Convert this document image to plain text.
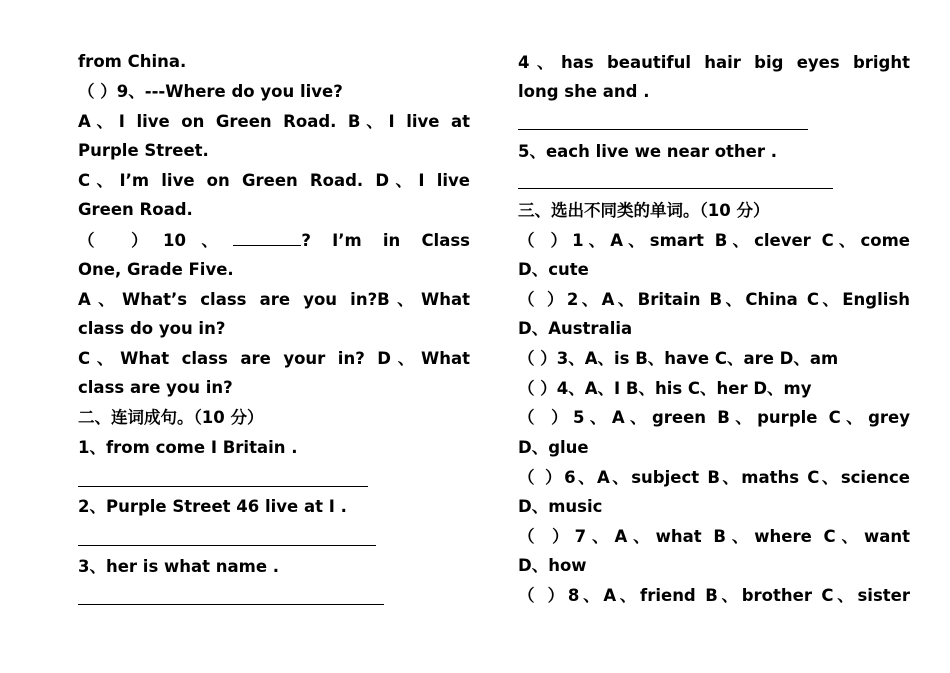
from China.
（ ）9、---Where do you live?
A、I live on Green Road. B、I live at
Purple Street.
C、I’m live on Green Road. D、I live
Green Road.
（ ）10、	? I’m in Class
One, Grade Five.
A、What’s class are you in?B、What
class do you in?
C、What class are your in? D、What
class are you in?
二、连词成句。（10 分）
1、from come I Britain .
2、Purple Street 46 live at I .
3、her is what name .
4、has beautiful hair big eyes bright
long she and .
5、each live we near other .
三、选出不同类的单词。（10 分）
（ ）1、A、smart B、clever C、come
D、cute
（ ）2、A、Britain B、China C、English
D、Australia
（ ）3、A、is B、have C、are D、am
（ ）4、A、I B、his C、her D、my
（ ）5、A、green B、purple C、grey
D、glue
（ ）6、A、subject B、maths C、science
D、music
（ ）7、A、what B、where C、want
D、how
（ ）8、A、friend B、brother C、sister
